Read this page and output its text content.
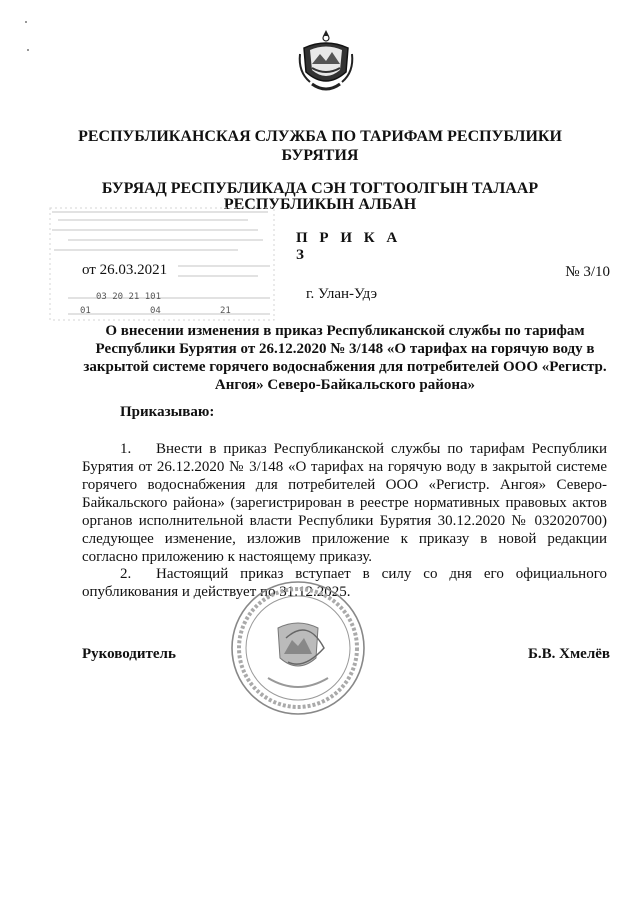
РЕСПУБЛИКАНСКАЯ СЛУЖБА ПО ТАРИФАМ РЕСПУБЛИКИ
БУРЯТИЯ
БУРЯАД РЕСПУБЛИКАДА СЭН ТОГТООЛГЫН ТАЛААР
РЕСПУБЛИКЫН АЛБАН
П Р И К А З
от 26.03.2021	№ 3/10
г. Улан-Удэ
03 20 21 101
01	04	21
О внесении изменения в приказ Республиканской службы по тарифам Республики Бурятия от 26.12.2020 № 3/148 «О тарифах на горячую воду в закрытой системе горячего водоснабжения для потребителей ООО «Регистр. Ангоя» Северо-Байкальского района»
Приказываю:
1. Внести в приказ Республиканской службы по тарифам Республики Бурятия от 26.12.2020 № 3/148 «О тарифах на горячую воду в закрытой системе горячего водоснабжения для потребителей ООО «Регистр. Ангоя» Северо-Байкальского района» (зарегистрирован в реестре нормативных правовых актов органов исполнительной власти Республики Бурятия 30.12.2020 № 032020700) следующее изменение, изложив приложение к приказу в новой редакции согласно приложению к настоящему приказу.
2. Настоящий приказ вступает в силу со дня его официального опубликования и действует по 31.12.2025.
Руководитель	Б.В. Хмелёв
